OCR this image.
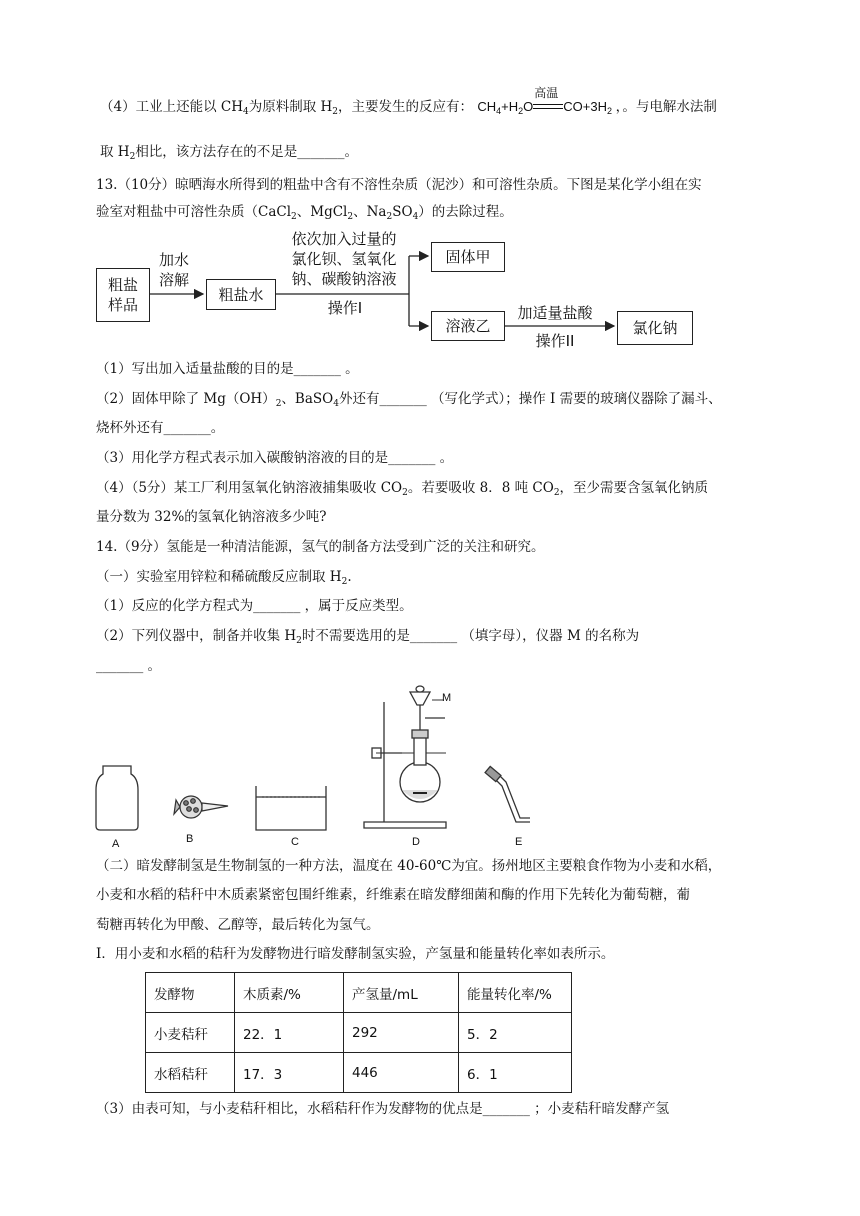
（4）工业上还能以 $CH_4$为原料制取 $H_2$，主要发生的反应有： $CH_4+H_2O$
高温
$CO+3H_2$ ，。与电解水法制
取 $H_2$相比，该方法存在的不足是_______。
13.（10分）晾晒海水所得到的粗盐中含有不溶性杂质（泥沙）和可溶性杂质。下图是某化学小组在实
验室对粗盐中可溶性杂质（CaCl$_2$、MgCl$_2$、$Na_2SO_4$）的去除过程。
粗盐
样品
加水
溶解
粗盐水
依次加入过量的
氯化钡、氢氧化
钠、碳酸钠溶液
操作I
固体甲
溶液乙
加适量盐酸
操作II
氯化钠
（1）写出加入适量盐酸的目的是_______ 。
（2）固体甲除了 $Mg(OH)_2$、BaSO$_4$外还有_______ （写化学式）；操作 I 需要的玻璃仪器除了漏斗、
烧杯外还有_______。
（3）用化学方程式表示加入碳酸钠溶液的目的是_______ 。
（4）（5分）某工厂利用氢氧化钠溶液捕集吸收 $CO_2$。若要吸收 8．8 吨 $CO_2$，至少需要含氢氧化钠质
量分数为 32%的氢氧化钠溶液多少吨?
14.（9分）氢能是一种清洁能源，氢气的制备方法受到广泛的关注和研究。
（一）实验室用锌粒和稀硫酸反应制取 $H_2$.
（1）反应的化学方程式为_______ ，属于反应类型。
（2）下列仪器中，制备并收集 $H_2$时不需要选用的是_______ （填字母），仪器 M 的名称为
_______ 。
M
A	B	C	D	E
（二）暗发酵制氢是生物制氢的一种方法，温度在 40-60℃为宜。扬州地区主要粮食作物为小麦和水稻，
小麦和水稻的秸秆中木质素紧密包围纤维素，纤维素在暗发酵细菌和酶的作用下先转化为葡萄糖，葡
萄糖再转化为甲酸、乙醇等，最后转化为氢气。
Ⅰ．用小麦和水稻的秸秆为发酵物进行暗发酵制氢实验，产氢量和能量转化率如表所示。
发酵物	木质素/%	产氢量/mL	能量转化率/%
小麦秸秆	22．1	292	5．2
水稻秸秆	17．3	446	6．1
（3）由表可知，与小麦秸秆相比，水稻秸秆作为发酵物的优点是_______ ；小麦秸秆暗发酵产氢
